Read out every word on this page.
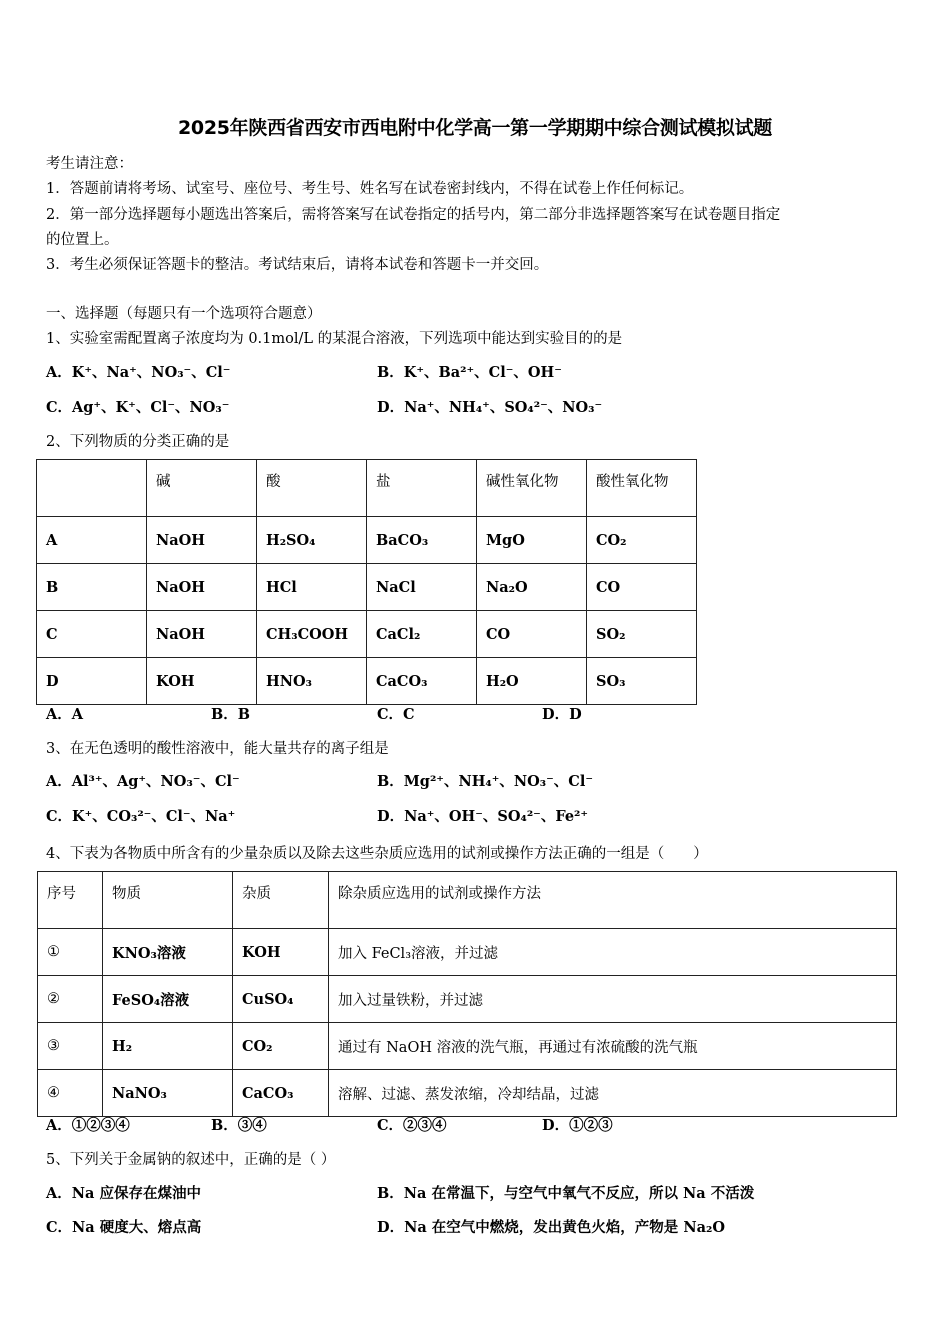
2025年陕西省西安市西电附中化学高一第一学期期中综合测试模拟试题
考生请注意：
1．答题前请将考场、试室号、座位号、考生号、姓名写在试卷密封线内，不得在试卷上作任何标记。
2．第一部分选择题每小题选出答案后，需将答案写在试卷指定的括号内，第二部分非选择题答案写在试卷题目指定
的位置上。
3．考生必须保证答题卡的整洁。考试结束后，请将本试卷和答题卡一并交回。
一、选择题（每题只有一个选项符合题意）
1、实验室需配置离子浓度均为 0.1mol/L 的某混合溶液，下列选项中能达到实验目的的是
A．K⁺、Na⁺、NO₃⁻、Cl⁻	B．K⁺、Ba²⁺、Cl⁻、OH⁻
C．Ag⁺、K⁺、Cl⁻、NO₃⁻	D．Na⁺、NH₄⁺、SO₄²⁻、NO₃⁻
2、下列物质的分类正确的是
	碱	酸	盐	碱性氧化物	酸性氧化物
A	NaOH	H₂SO₄	BaCO₃	MgO	CO₂
B	NaOH	HCl	NaCl	Na₂O	CO
C	NaOH	CH₃COOH	CaCl₂	CO	SO₂
D	KOH	HNO₃	CaCO₃	H₂O	SO₃
A．A	B．B	C．C	D．D
3、在无色透明的酸性溶液中，能大量共存的离子组是
A．Al³⁺、Ag⁺、NO₃⁻、Cl⁻	B．Mg²⁺、NH₄⁺、NO₃⁻、Cl⁻
C．K⁺、CO₃²⁻、Cl⁻、Na⁺	D．Na⁺、OH⁻、SO₄²⁻、Fe²⁺
4、下表为各物质中所含有的少量杂质以及除去这些杂质应选用的试剂或操作方法正确的一组是（　　）
序号	物质	杂质	除杂质应选用的试剂或操作方法
①	KNO₃溶液	KOH	加入 FeCl₃溶液，并过滤
②	FeSO₄溶液	CuSO₄	加入过量铁粉，并过滤
③	H₂	CO₂	通过有 NaOH 溶液的洗气瓶，再通过有浓硫酸的洗气瓶
④	NaNO₃	CaCO₃	溶解、过滤、蒸发浓缩，冷却结晶，过滤
A．①②③④	B．③④	C．②③④	D．①②③
5、下列关于金属钠的叙述中，正确的是（ ）
A．Na 应保存在煤油中	B．Na 在常温下，与空气中氧气不反应，所以 Na 不活泼
C．Na 硬度大、熔点高	D．Na 在空气中燃烧，发出黄色火焰，产物是 Na₂O
